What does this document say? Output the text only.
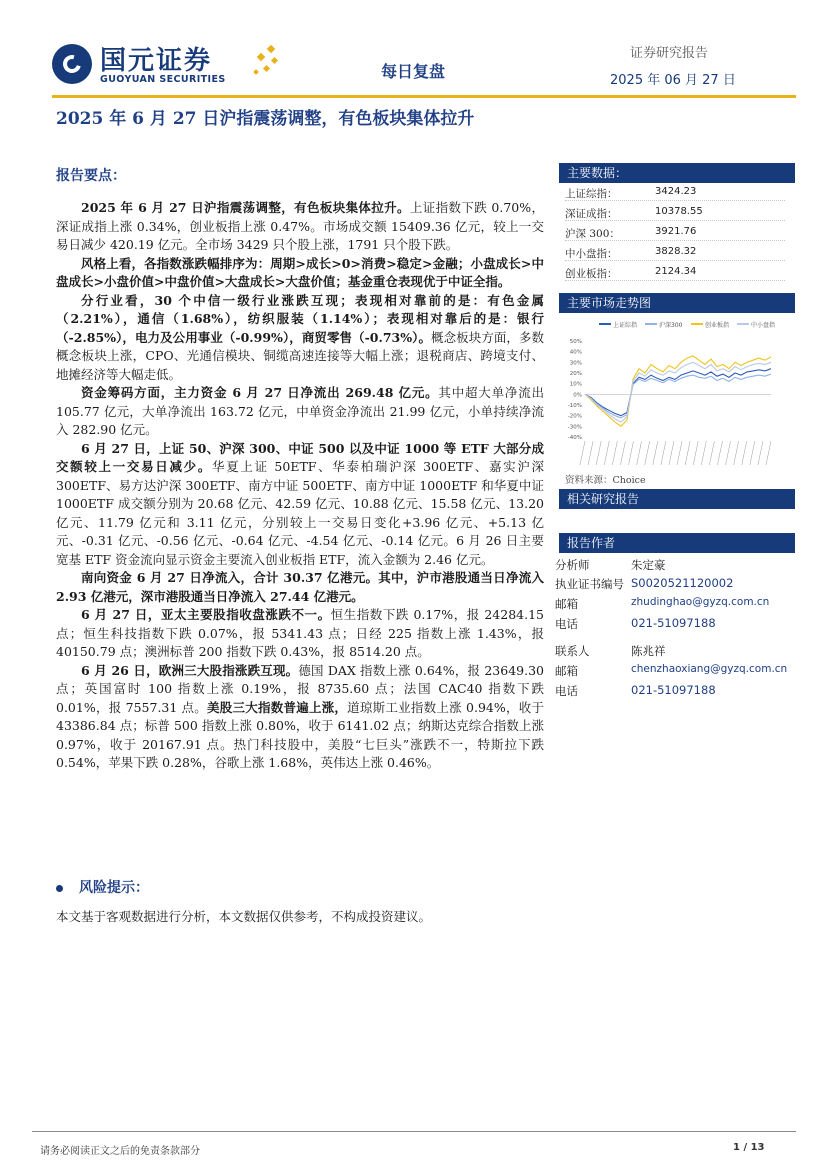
国元证券
GUOYUAN SECURITIES	每日复盘
证券研究报告
2025 年 06 月 27 日
2025 年 6 月 27 日沪指震荡调整，有色板块集体拉升
报告要点：

2025 年 6 月 27 日沪指震荡调整，有色板块集体拉升。上证指数下跌 0.70%，深证成指上涨 0.34%，创业板指上涨 0.47%。市场成交额 15409.36 亿元，较上一交易日减少 420.19 亿元。全市场 3429 只个股上涨，1791 只个股下跌。

风格上看，各指数涨跌幅排序为：周期>成长>0>消费>稳定>金融；小盘成长>中盘成长>小盘价值>中盘价值>大盘成长>大盘价值；基金重仓表现优于中证全指。

分行业看，30 个中信一级行业涨跌互现；表现相对靠前的是：有色金属（2.21%），通信（1.68%），纺织服装（1.14%）；表现相对靠后的是：银行（-2.85%），电力及公用事业（-0.99%），商贸零售（-0.73%）。概念板块方面，多数概念板块上涨，CPO、光通信模块、铜缆高速连接等大幅上涨；退税商店、跨境支付、地摊经济等大幅走低。

资金筹码方面，主力资金 6 月 27 日净流出 269.48 亿元。其中超大单净流出 105.77 亿元，大单净流出 163.72 亿元，中单资金净流出 21.99 亿元，小单持续净流入 282.90 亿元。

6 月 27 日，上证 50、沪深 300、中证 500 以及中证 1000 等 ETF 大部分成交额较上一交易日减少。华夏上证 50ETF、华泰柏瑞沪深 300ETF、嘉实沪深 300ETF、易方达沪深 300ETF、南方中证 500ETF、南方中证 1000ETF 和华夏中证 1000ETF 成交额分别为 20.68 亿元、42.59 亿元、10.88 亿元、15.58 亿元、13.20 亿元、11.79 亿元和 3.11 亿元，分别较上一交易日变化+3.96 亿元、+5.13 亿元、-0.31 亿元、-0.56 亿元、-0.64 亿元、-4.54 亿元、-0.14 亿元。6 月 26 日主要宽基 ETF 资金流向显示资金主要流入创业板指 ETF，流入金额为 2.46 亿元。

南向资金 6 月 27 日净流入，合计 30.37 亿港元。其中，沪市港股通当日净流入 2.93 亿港元，深市港股通当日净流入 27.44 亿港元。

6 月 27 日，亚太主要股指收盘涨跌不一。恒生指数下跌 0.17%，报 24284.15 点；恒生科技指数下跌 0.07%，报 5341.43 点；日经 225 指数上涨 1.43%，报 40150.79 点；澳洲标普 200 指数下跌 0.43%，报 8514.20 点。

6 月 26 日，欧洲三大股指涨跌互现。德国 DAX 指数上涨 0.64%，报 23649.30 点；英国富时 100 指数上涨 0.19%，报 8735.60 点；法国 CAC40 指数下跌 0.01%，报 7557.31 点。美股三大指数普遍上涨，道琼斯工业指数上涨 0.94%，收于 43386.84 点；标普 500 指数上涨 0.80%，收于 6141.02 点；纳斯达克综合指数上涨 0.97%，收于 20167.91 点。热门科技股中，美股“七巨头”涨跌不一，特斯拉下跌 0.54%，苹果下跌 0.28%，谷歌上涨 1.68%，英伟达上涨 0.46%。

风险提示：
本文基于客观数据进行分析，本文数据仅供参考，不构成投资建议。
主要数据：
上证综指：	3424.23
深证成指：	10378.55
沪深 300：	3921.76
中小盘指：	3828.32
创业板指：	2124.34
主要市场走势图
上证综指	沪深300	创业板指	中小盘指
50%
40%
30%
20%
10%
0%
-10%
-20%
-30%
-40%
资料来源：Choice
相关研究报告
报告作者
分析师	朱定豪
执业证书编号 S0020521120002
邮箱	zhudinghao@gyzq.com.cn
电话	021-51097188
联系人	陈兆祥
邮箱	chenzhaoxiang@gyzq.com.cn
电话	021-51097188
请务必阅读正文之后的免责条款部分	1 / 13
